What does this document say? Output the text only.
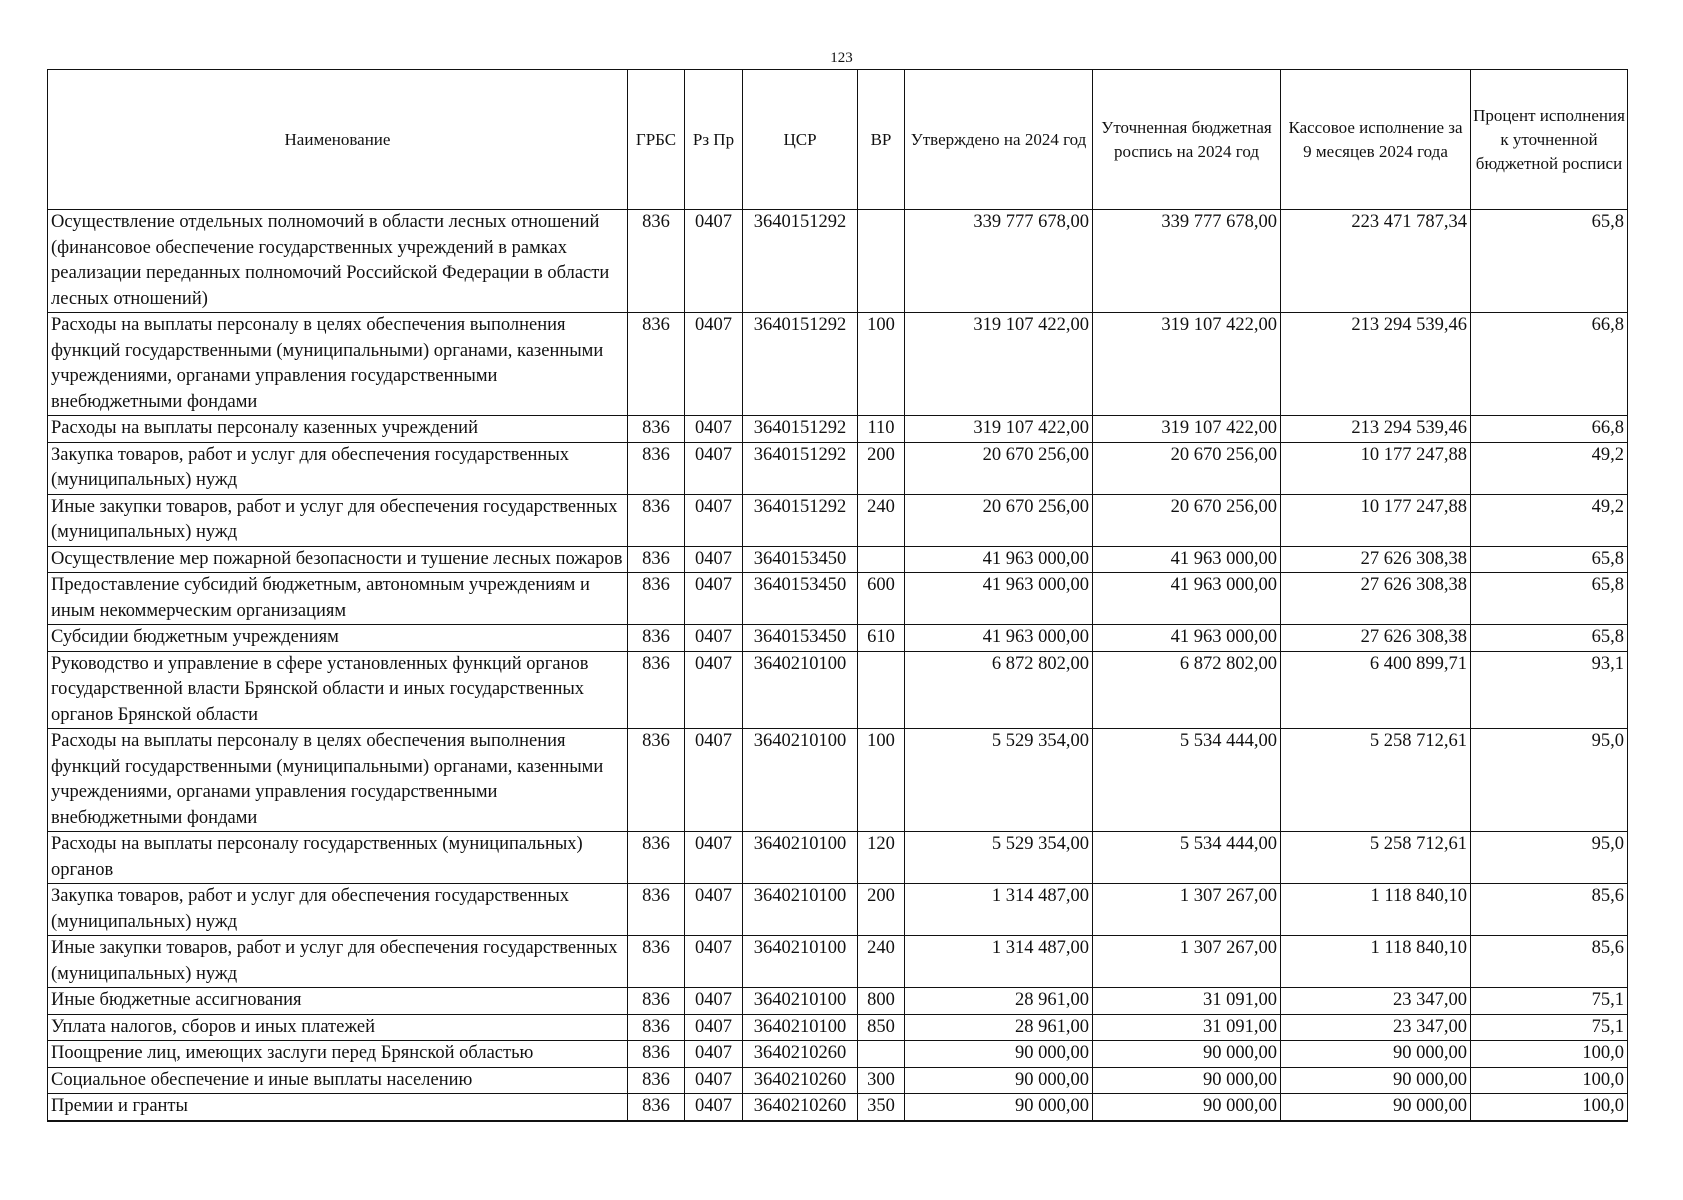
123
Наименование	ГРБС	Рз Пр	ЦСР	ВР	Утверждено на 2024 год	Уточненная бюджетная роспись на 2024 год	Кассовое исполнение за 9 месяцев 2024 года	Процент исполнения к уточненной бюджетной росписи
Осуществление отдельных полномочий в области лесных отношений (финансовое обеспечение государственных учреждений в рамках реализации переданных полномочий Российской Федерации в области лесных отношений)	836	0407	3640151292		339 777 678,00	339 777 678,00	223 471 787,34	65,8
Расходы на выплаты персоналу в целях обеспечения выполнения функций государственными (муниципальными) органами, казенными учреждениями, органами управления государственными внебюджетными фондами	836	0407	3640151292	100	319 107 422,00	319 107 422,00	213 294 539,46	66,8
Расходы на выплаты персоналу казенных учреждений	836	0407	3640151292	110	319 107 422,00	319 107 422,00	213 294 539,46	66,8
Закупка товаров, работ и услуг для обеспечения государственных (муниципальных) нужд	836	0407	3640151292	200	20 670 256,00	20 670 256,00	10 177 247,88	49,2
Иные закупки товаров, работ и услуг для обеспечения государственных (муниципальных) нужд	836	0407	3640151292	240	20 670 256,00	20 670 256,00	10 177 247,88	49,2
Осуществление мер пожарной безопасности и тушение лесных пожаров	836	0407	3640153450		41 963 000,00	41 963 000,00	27 626 308,38	65,8
Предоставление субсидий бюджетным, автономным учреждениям и иным некоммерческим организациям	836	0407	3640153450	600	41 963 000,00	41 963 000,00	27 626 308,38	65,8
Субсидии бюджетным учреждениям	836	0407	3640153450	610	41 963 000,00	41 963 000,00	27 626 308,38	65,8
Руководство и управление в сфере установленных функций органов государственной власти Брянской области и иных государственных органов Брянской области	836	0407	3640210100		6 872 802,00	6 872 802,00	6 400 899,71	93,1
Расходы на выплаты персоналу в целях обеспечения выполнения функций государственными (муниципальными) органами, казенными учреждениями, органами управления государственными внебюджетными фондами	836	0407	3640210100	100	5 529 354,00	5 534 444,00	5 258 712,61	95,0
Расходы на выплаты персоналу государственных (муниципальных) органов	836	0407	3640210100	120	5 529 354,00	5 534 444,00	5 258 712,61	95,0
Закупка товаров, работ и услуг для обеспечения государственных (муниципальных) нужд	836	0407	3640210100	200	1 314 487,00	1 307 267,00	1 118 840,10	85,6
Иные закупки товаров, работ и услуг для обеспечения государственных (муниципальных) нужд	836	0407	3640210100	240	1 314 487,00	1 307 267,00	1 118 840,10	85,6
Иные бюджетные ассигнования	836	0407	3640210100	800	28 961,00	31 091,00	23 347,00	75,1
Уплата налогов, сборов и иных платежей	836	0407	3640210100	850	28 961,00	31 091,00	23 347,00	75,1
Поощрение лиц, имеющих заслуги перед Брянской областью	836	0407	3640210260		90 000,00	90 000,00	90 000,00	100,0
Социальное обеспечение и иные выплаты населению	836	0407	3640210260	300	90 000,00	90 000,00	90 000,00	100,0
Премии и гранты	836	0407	3640210260	350	90 000,00	90 000,00	90 000,00	100,0
